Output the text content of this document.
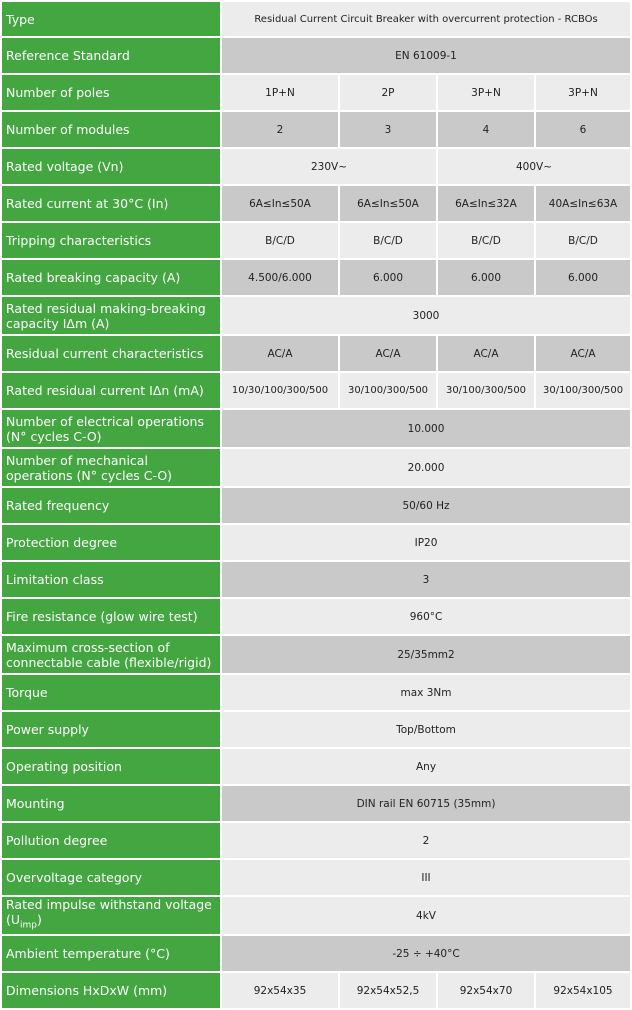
Type	Residual Current Circuit Breaker with overcurrent protection - RCBOs			
Reference Standard	EN 61009-1			
Number of poles	1P+N	2P	3P+N	3P+N
Number of modules	2	3	4	6
Rated voltage (Vn)	230V~		400V~	
Rated current at 30°C (In)	6A≤In≤50A	6A≤In≤50A	6A≤In≤32A	40A≤In≤63A
Tripping characteristics	B/C/D	B/C/D	B/C/D	B/C/D
Rated breaking capacity (A)	4.500/6.000	6.000	6.000	6.000
Rated residual making-breaking capacity IΔm (A)	3000			
Residual current characteristics	AC/A	AC/A	AC/A	AC/A
Rated residual current IΔn (mA)	10/30/100/300/500	30/100/300/500	30/100/300/500	30/100/300/500
Number of electrical operations (N° cycles C-O)	10.000			
Number of mechanical operations (N° cycles C-O)	20.000			
Rated frequency	50/60 Hz			
Protection degree	IP20			
Limitation class	3			
Fire resistance (glow wire test)	960°C			
Maximum cross-section of connectable cable (flexible/rigid)	25/35mm2			
Torque	max 3Nm			
Power supply	Top/Bottom			
Operating position	Any			
Mounting	DIN rail EN 60715 (35mm)			
Pollution degree	2			
Overvoltage category	III			
Rated impulse withstand voltage $(U_{imp})$	4kV			
Ambient temperature (°C)	-25 ÷ +40°C			
Dimensions HxDxW (mm)	92x54x35	92x54x52,5	92x54x70	92x54x105
